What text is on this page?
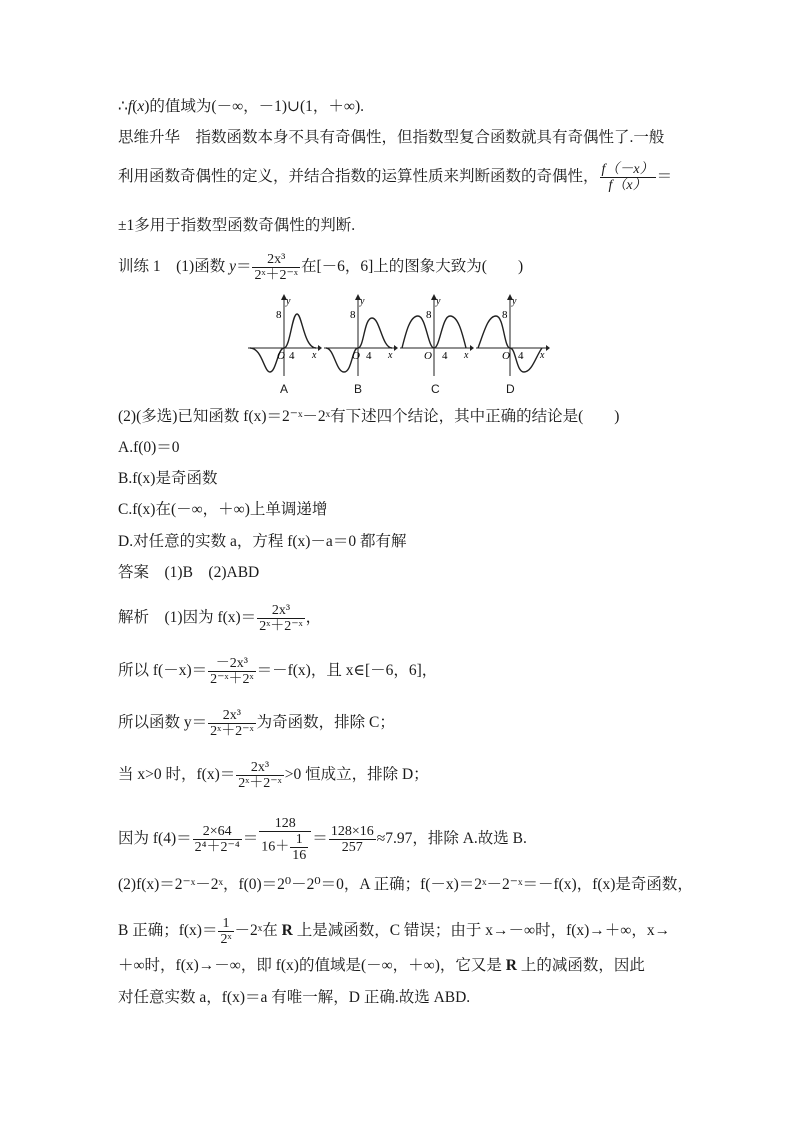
∴f(x)的值域为(－∞，－1)∪(1，＋∞).
思维升华　指数函数本身不具有奇偶性，但指数型复合函数就具有奇偶性了.一般
利用函数奇偶性的定义，并结合指数的运算性质来判断函数的奇偶性， $\frac{f(-x)}{f(x)}$ ＝
±1多用于指数型函数奇偶性的判断.
训练 1　(1)函数 $y= \frac{\text{2x³}}{\text{2ˣ＋2⁻ˣ}}$ 在[－6，6]上的图象大致为(　　)
8
O 4 x
y
8
O 4 x
y
8
O 4 x
y
8
O 4 x
y
A	B	C	D
(2)(多选)已知函数 f(x)＝2⁻ˣ－2ˣ有下述四个结论，其中正确的结论是(　　)
A.f(0)＝0
B.f(x)是奇函数
C.f(x)在(－∞，＋∞)上单调递增
D.对任意的实数 a，方程 f(x)－a＝0 都有解
答案　(1)B　(2)ABD
解析　(1)因为 $f(x)= \frac{\text{2x³}}{\text{2ˣ＋2⁻ˣ}}$ ，
所以 $f(-x)= \frac{\text{－2x³}}{\text{2⁻ˣ＋2ˣ}} =-f(x)$，且 x∈[－6，6]，
所以函数 $y= \frac{\text{2x³}}{\text{2ˣ＋2⁻ˣ}}$ 为奇函数，排除 C；
当 x>0 时，$f(x)= \frac{\text{2x³}}{\text{2ˣ＋2⁻ˣ}} >0$ 恒成立，排除 D；
因为 $f(4)= \frac{2\times 64}{\text{2⁴＋2⁻⁴}} = \frac{128}{16+ \frac{1}{16}} = \frac{128\times 16}{257} \approx 7.97$，排除 A.故选 B.
(2)f(x)＝2⁻ˣ－2ˣ，f(0)＝2⁰－2⁰＝0，A 正确；f(－x)＝2ˣ－2⁻ˣ＝－f(x)，f(x)是奇函数，
B 正确；$f(x)= \frac{1}{\text{2ˣ}}$ －2ˣ在 R 上是减函数，C 错误；由于 x→－∞时，f(x)→＋∞，x→
＋∞时，f(x)→－∞，即 f(x)的值域是(－∞，＋∞)，它又是 R 上的减函数，因此
对任意实数 a，f(x)＝a 有唯一解，D 正确.故选 ABD.
